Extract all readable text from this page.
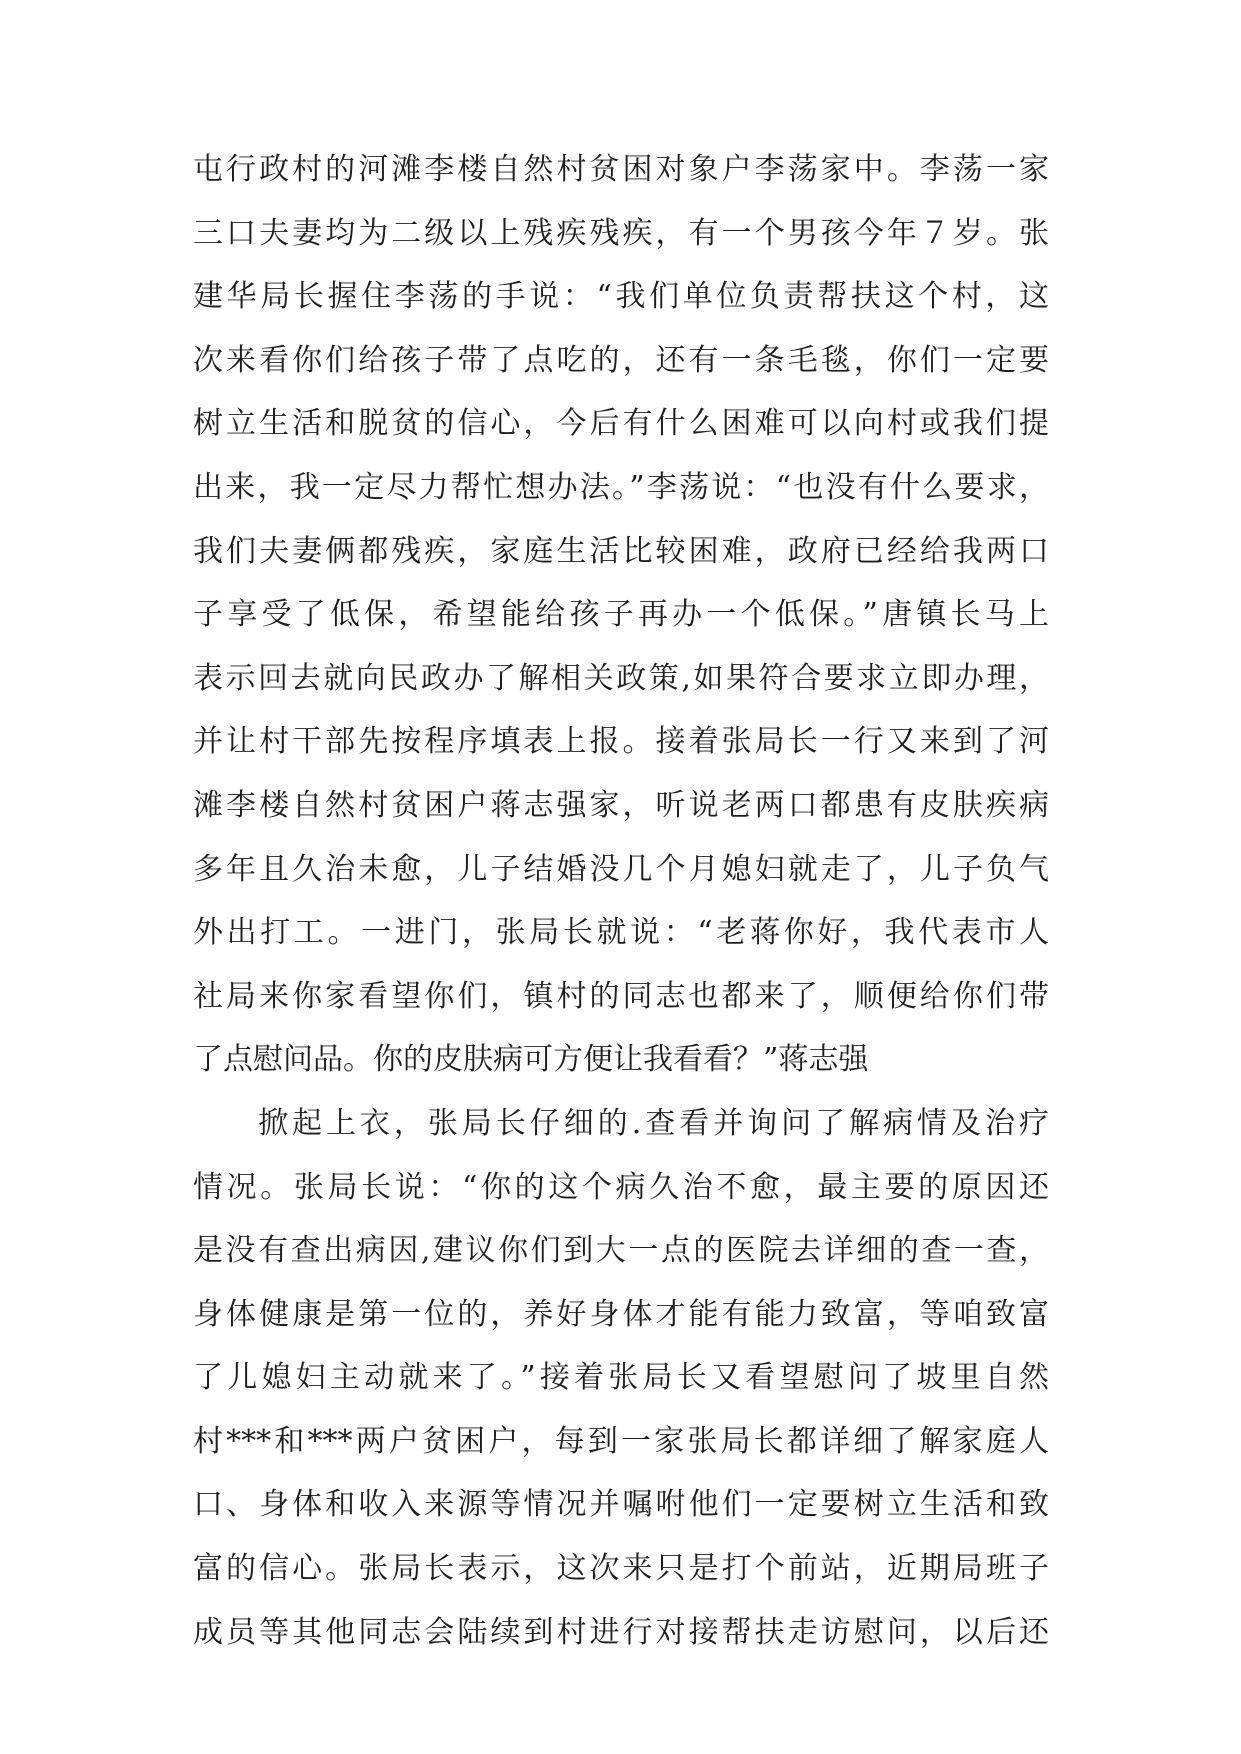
屯行政村的河滩李楼自然村贫困对象户李荡家中。李荡一家
三口夫妻均为二级以上残疾残疾，有一个男孩今年７岁。张
建华局长握住李荡的手说：“我们单位负责帮扶这个村，这
次来看你们给孩子带了点吃的，还有一条毛毯，你们一定要
树立生活和脱贫的信心，今后有什么困难可以向村或我们提
出来，我一定尽力帮忙想办法。”李荡说：“也没有什么要求，
我们夫妻俩都残疾，家庭生活比较困难，政府已经给我两口
子享受了低保，希望能给孩子再办一个低保。”唐镇长马上
表示回去就向民政办了解相关政策,如果符合要求立即办理，
并让村干部先按程序填表上报。接着张局长一行又来到了河
滩李楼自然村贫困户蒋志强家，听说老两口都患有皮肤疾病
多年且久治未愈，儿子结婚没几个月媳妇就走了，儿子负气
外出打工。一进门，张局长就说：“老蒋你好，我代表市人
社局来你家看望你们，镇村的同志也都来了，顺便给你们带
了点慰问品。你的皮肤病可方便让我看看？”蒋志强
掀起上衣，张局长仔细的.查看并询问了解病情及治疗
情况。张局长说：“你的这个病久治不愈，最主要的原因还
是没有查出病因,建议你们到大一点的医院去详细的查一查，
身体健康是第一位的，养好身体才能有能力致富，等咱致富
了儿媳妇主动就来了。”接着张局长又看望慰问了坡里自然
村***和***两户贫困户，每到一家张局长都详细了解家庭人
口、身体和收入来源等情况并嘱咐他们一定要树立生活和致
富的信心。张局长表示，这次来只是打个前站，近期局班子
成员等其他同志会陆续到村进行对接帮扶走访慰问，以后还
